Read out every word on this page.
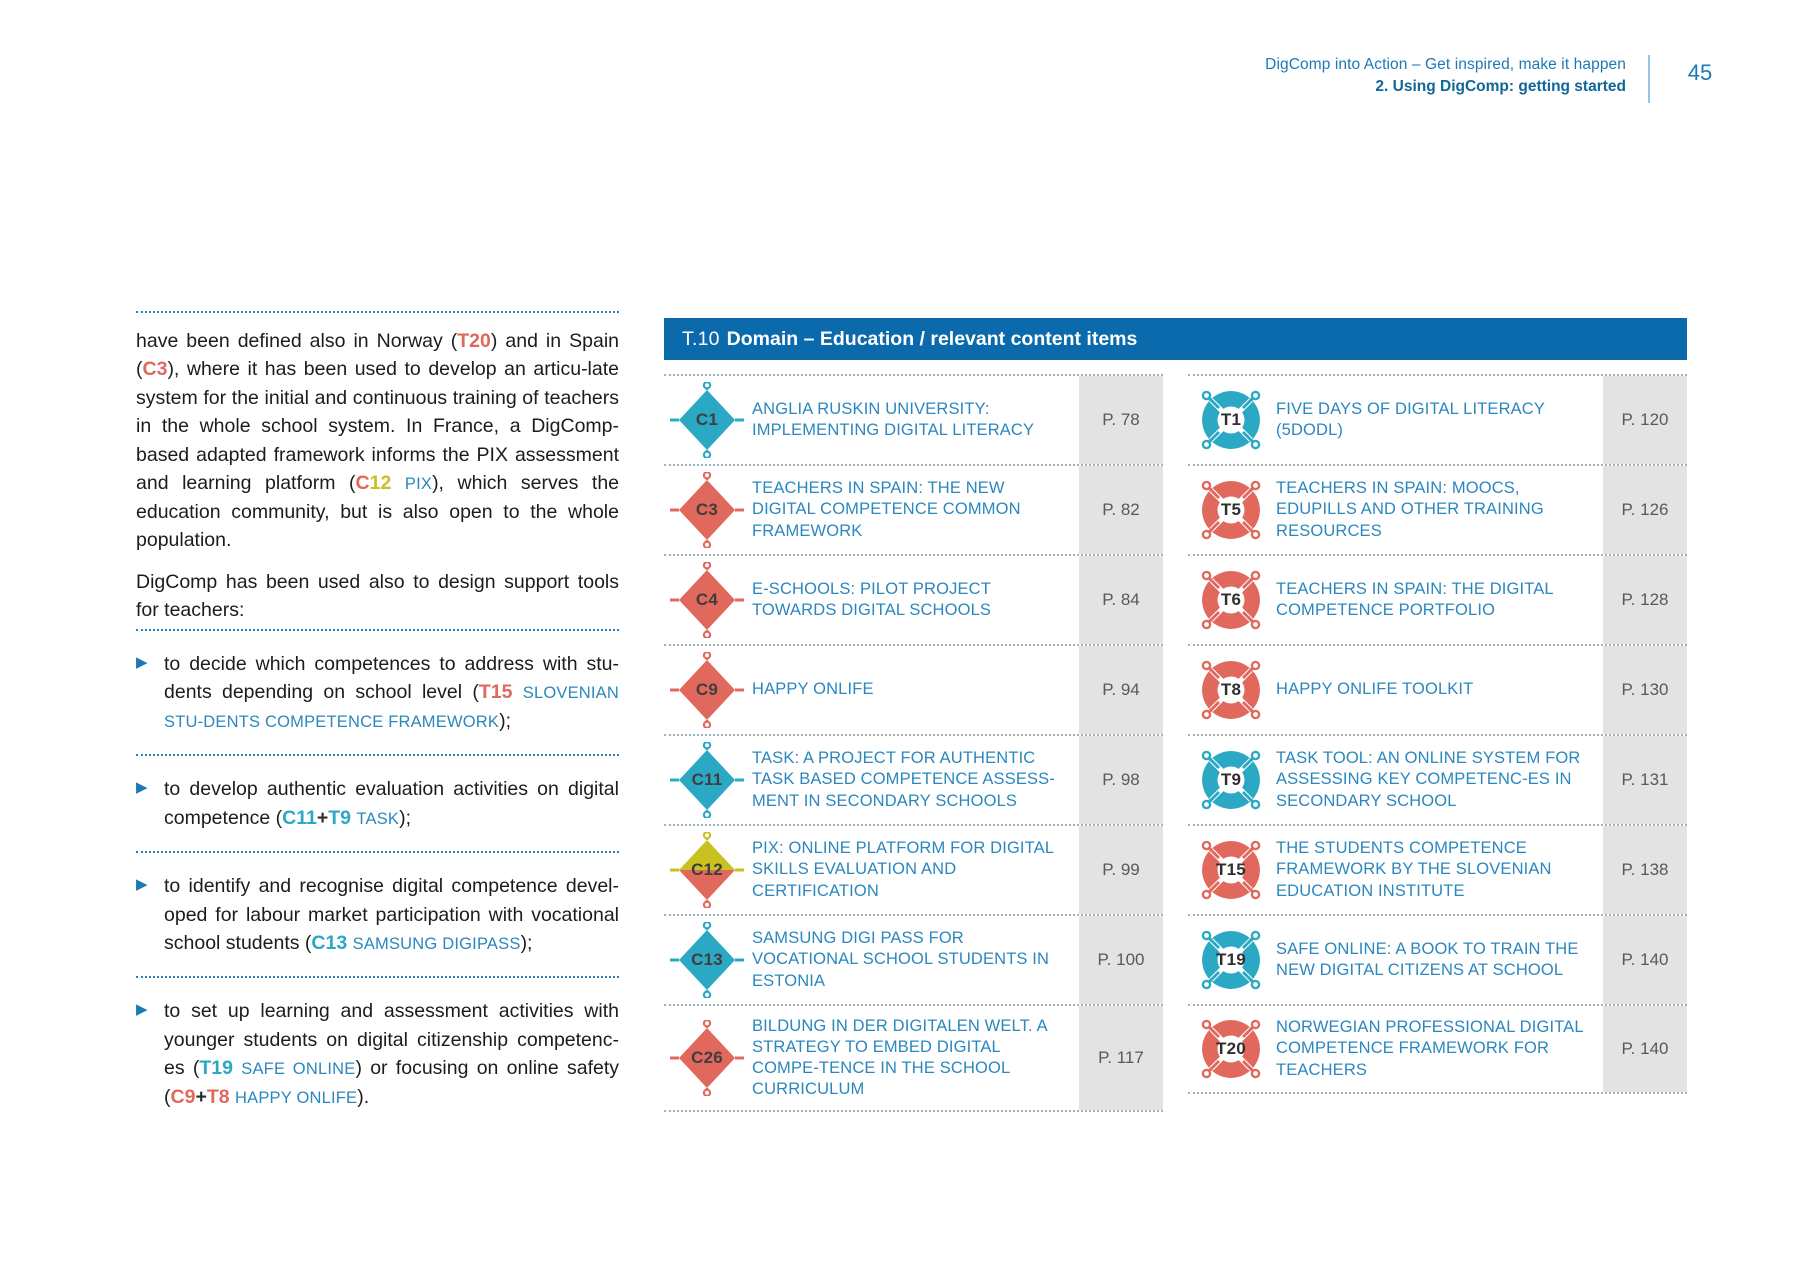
DigComp into Action – Get inspired, make it happen
2. Using DigComp: getting started
45

have been defined also in Norway (T20) and in Spain (C3), where it has been used to develop an articu-late system for the initial and continuous training of teachers in the whole school system. In France, a DigComp-based adapted framework informs the PIX assessment and learning platform (C12 PIX), which serves the education community, but is also open to the whole population.

DigComp has been used also to design support tools for teachers:

▶ to decide which competences to address with stu-dents depending on school level (T15 SLOVENIAN STU-DENTS COMPETENCE FRAMEWORK);
▶ to develop authentic evaluation activities on digital competence (C11+T9 TASK);
▶ to identify and recognise digital competence devel-oped for labour market participation with vocational school students (C13 SAMSUNG DIGIPASS);
▶ to set up learning and assessment activities with younger students on digital citizenship competenc-es (T19 SAFE ONLINE) or focusing on online safety (C9+T8 HAPPY ONLIFE).
T.10 Domain – Education / relevant content items
C1
ANGLIA RUSKIN UNIVERSITY: IMPLEMENTING DIGITAL LITERACY
P. 78
C3
TEACHERS IN SPAIN: THE NEW DIGITAL COMPETENCE COMMON FRAMEWORK
P. 82
C4
E-SCHOOLS: PILOT PROJECT TOWARDS DIGITAL SCHOOLS
P. 84
C9	HAPPY ONLIFE	P. 94
C11
TASK: A PROJECT FOR AUTHENTIC TASK BASED COMPETENCE ASSESS-MENT IN SECONDARY SCHOOLS
P. 98
C12
PIX: ONLINE PLATFORM FOR DIGITAL SKILLS EVALUATION AND CERTIFICATION
P. 99
C13
SAMSUNG DIGI PASS FOR VOCATIONAL SCHOOL STUDENTS IN ESTONIA
P. 100
C26
BILDUNG IN DER DIGITALEN WELT. A STRATEGY TO EMBED DIGITAL COMPE-TENCE IN THE SCHOOL CURRICULUM
P. 117
T1
FIVE DAYS OF DIGITAL LITERACY (5DODL)
P. 120
T5
TEACHERS IN SPAIN: MOOCS, EDUPILLS AND OTHER TRAINING RESOURCES
P. 126
T6
TEACHERS IN SPAIN: THE DIGITAL COMPETENCE PORTFOLIO
P. 128
T8	HAPPY ONLIFE TOOLKIT	P. 130
T9
TASK TOOL: AN ONLINE SYSTEM FOR ASSESSING KEY COMPETENC-ES IN SECONDARY SCHOOL
P. 131
T15
THE STUDENTS COMPETENCE FRAMEWORK BY THE SLOVENIAN EDUCATION INSTITUTE
P. 138
T19
SAFE ONLINE: A BOOK TO TRAIN THE NEW DIGITAL CITIZENS AT SCHOOL
P. 140
T20
NORWEGIAN PROFESSIONAL DIGITAL COMPETENCE FRAMEWORK FOR TEACHERS
P. 140
